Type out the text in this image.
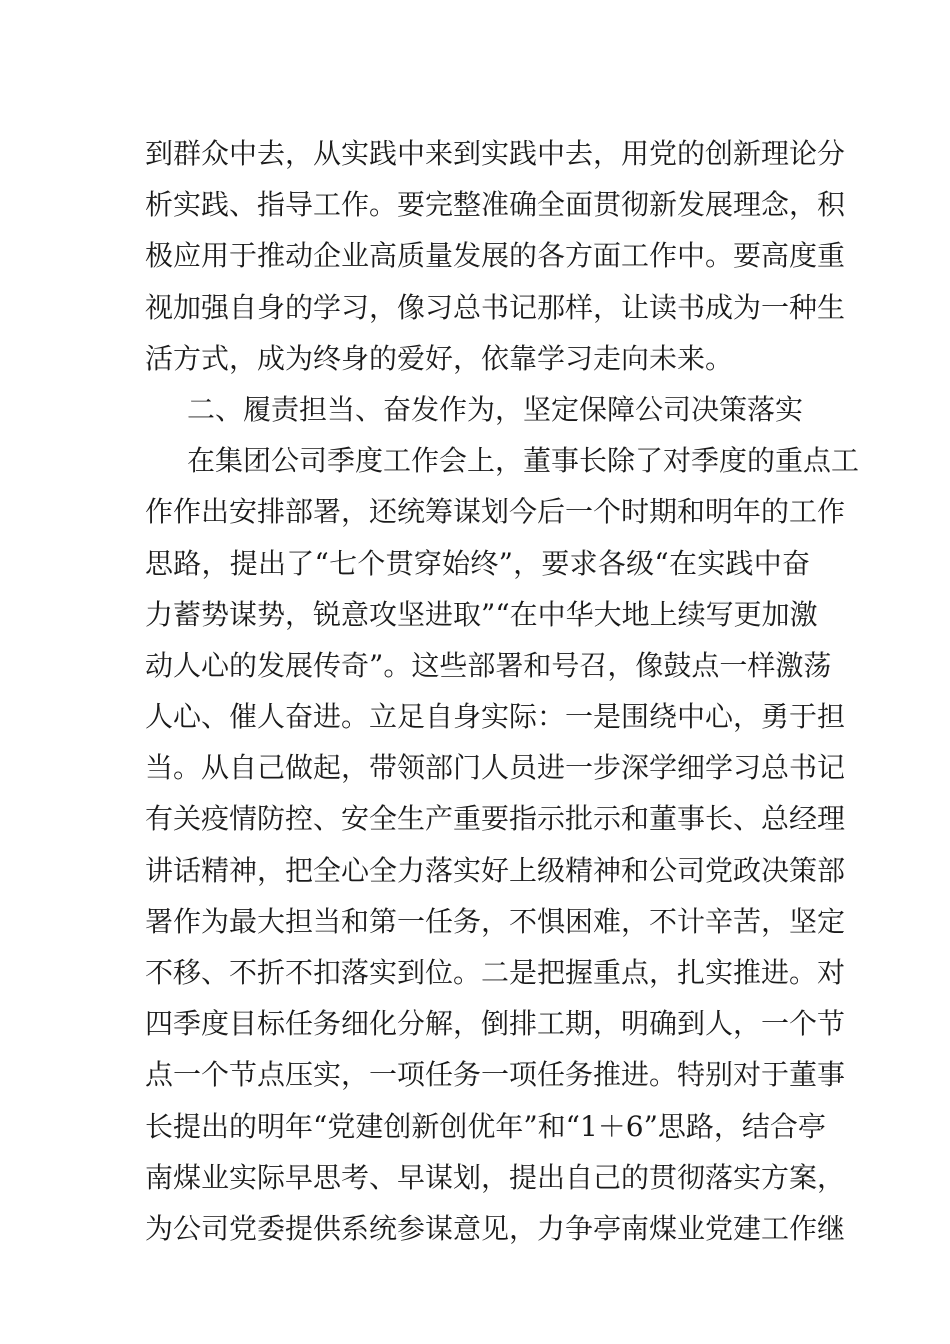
到群众中去，从实践中来到实践中去，用党的创新理论分
析实践、指导工作。要完整准确全面贯彻新发展理念，积
极应用于推动企业高质量发展的各方面工作中。要高度重
视加强自身的学习，像习总书记那样，让读书成为一种生
活方式，成为终身的爱好，依靠学习走向未来。
二、履责担当、奋发作为，坚定保障公司决策落实
在集团公司季度工作会上，董事长除了对季度的重点工
作作出安排部署，还统筹谋划今后一个时期和明年的工作
思路，提出了“七个贯穿始终”，要求各级“在实践中奋
力蓄势谋势，锐意攻坚进取”“在中华大地上续写更加激
动人心的发展传奇”。这些部署和号召，像鼓点一样激荡
人心、催人奋进。立足自身实际：一是围绕中心，勇于担
当。从自己做起，带领部门人员进一步深学细学习总书记
有关疫情防控、安全生产重要指示批示和董事长、总经理
讲话精神，把全心全力落实好上级精神和公司党政决策部
署作为最大担当和第一任务，不惧困难，不计辛苦，坚定
不移、不折不扣落实到位。二是把握重点，扎实推进。对
四季度目标任务细化分解，倒排工期，明确到人，一个节
点一个节点压实，一项任务一项任务推进。特别对于董事
长提出的明年“党建创新创优年”和“1＋6”思路，结合亭
南煤业实际早思考、早谋划，提出自己的贯彻落实方案，
为公司党委提供系统参谋意见，力争亭南煤业党建工作继
